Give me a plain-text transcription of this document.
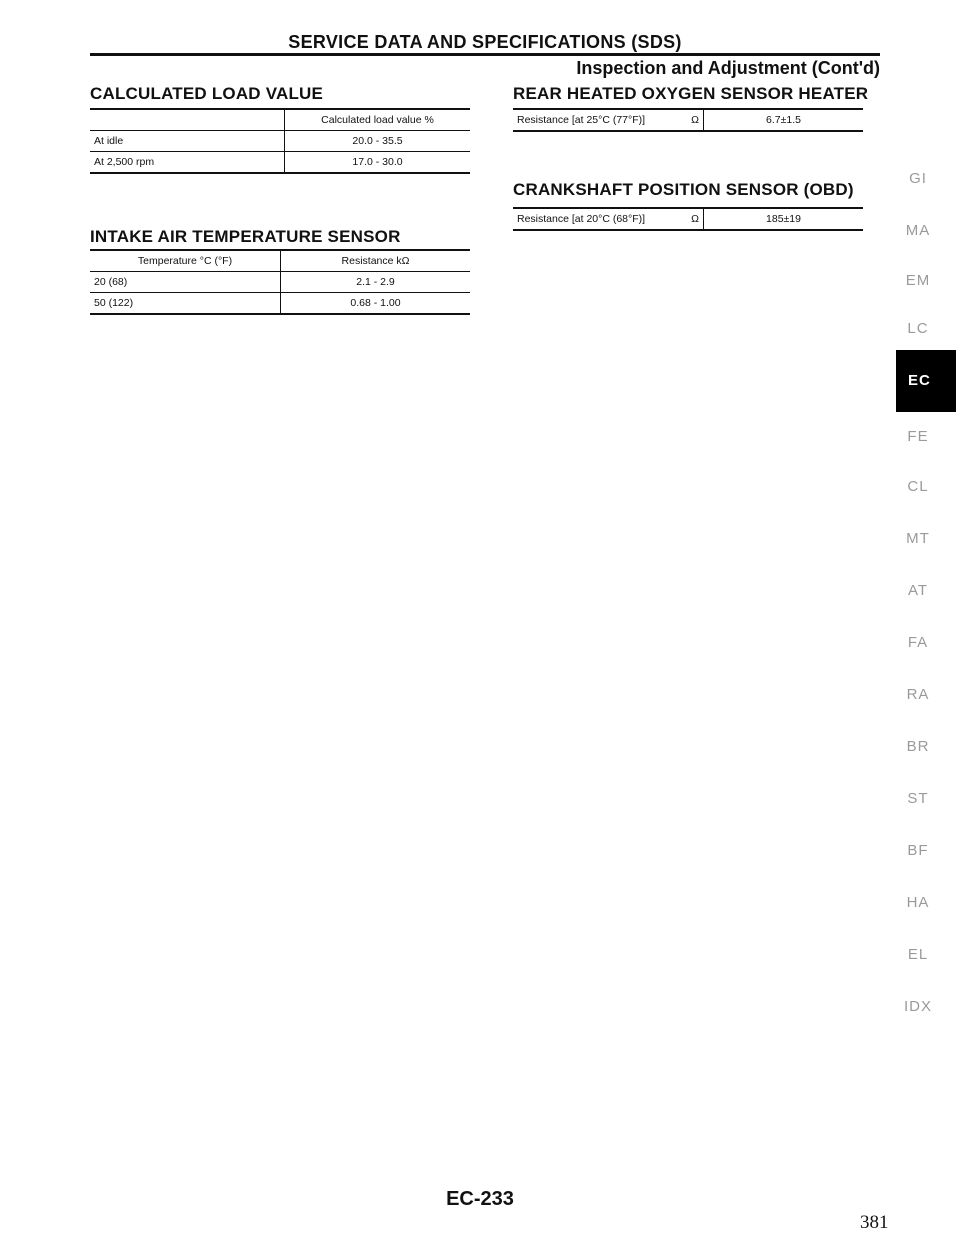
SERVICE DATA AND SPECIFICATIONS (SDS)
Inspection and Adjustment (Cont'd)
CALCULATED LOAD VALUE
	Calculated load value %
At idle	20.0 - 35.5
At 2,500 rpm	17.0 - 30.0
INTAKE AIR TEMPERATURE SENSOR
Temperature °C (°F)	Resistance kΩ
20 (68)	2.1 - 2.9
50 (122)	0.68 - 1.00
REAR HEATED OXYGEN SENSOR HEATER
Resistance [at 25°C (77°F)]	Ω	6.7±1.5
CRANKSHAFT POSITION SENSOR (OBD)
Resistance [at 20°C (68°F)]	Ω	185±19
GI
MA
EM
LC
EC
FE
CL
MT
AT
FA
RA
BR
ST
BF
HA
EL
IDX
EC-233
381
